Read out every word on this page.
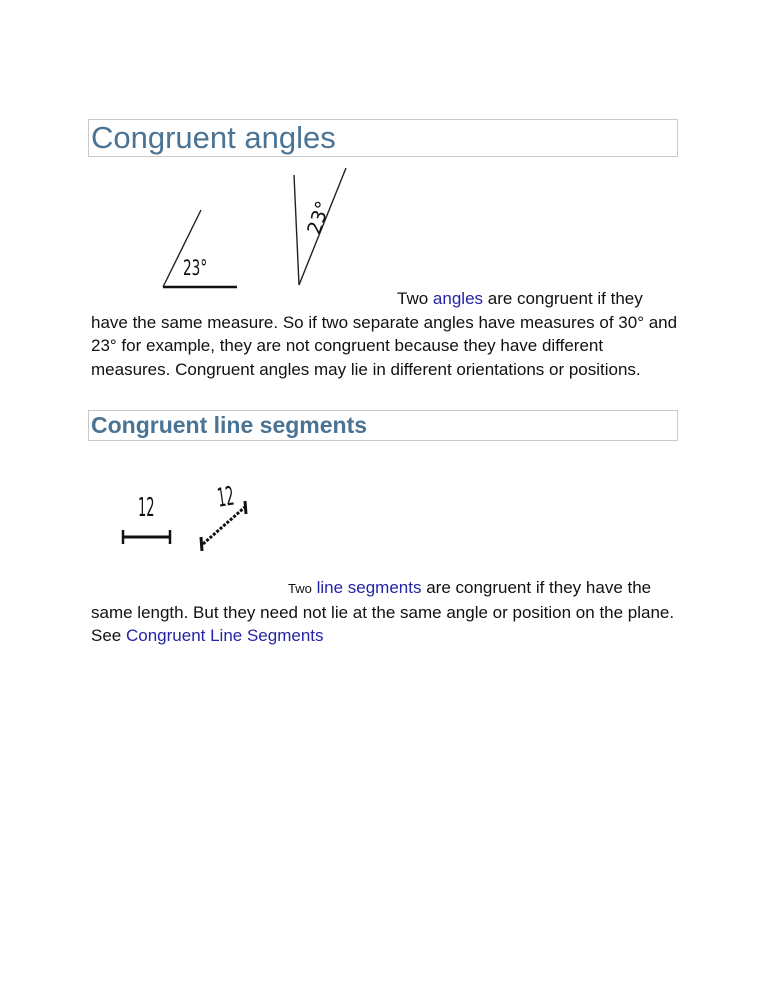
Congruent angles
23°
23°

Two angles are congruent if they have the same measure. So if two separate angles have measures of 30° and 23° for example, they are not congruent because they have different measures. Congruent angles may lie in different orientations or positions.

Congruent line segments
12 12

Two line segments are congruent if they have the same length. But they need not lie at the same angle or position on the plane.
See Congruent Line Segments
